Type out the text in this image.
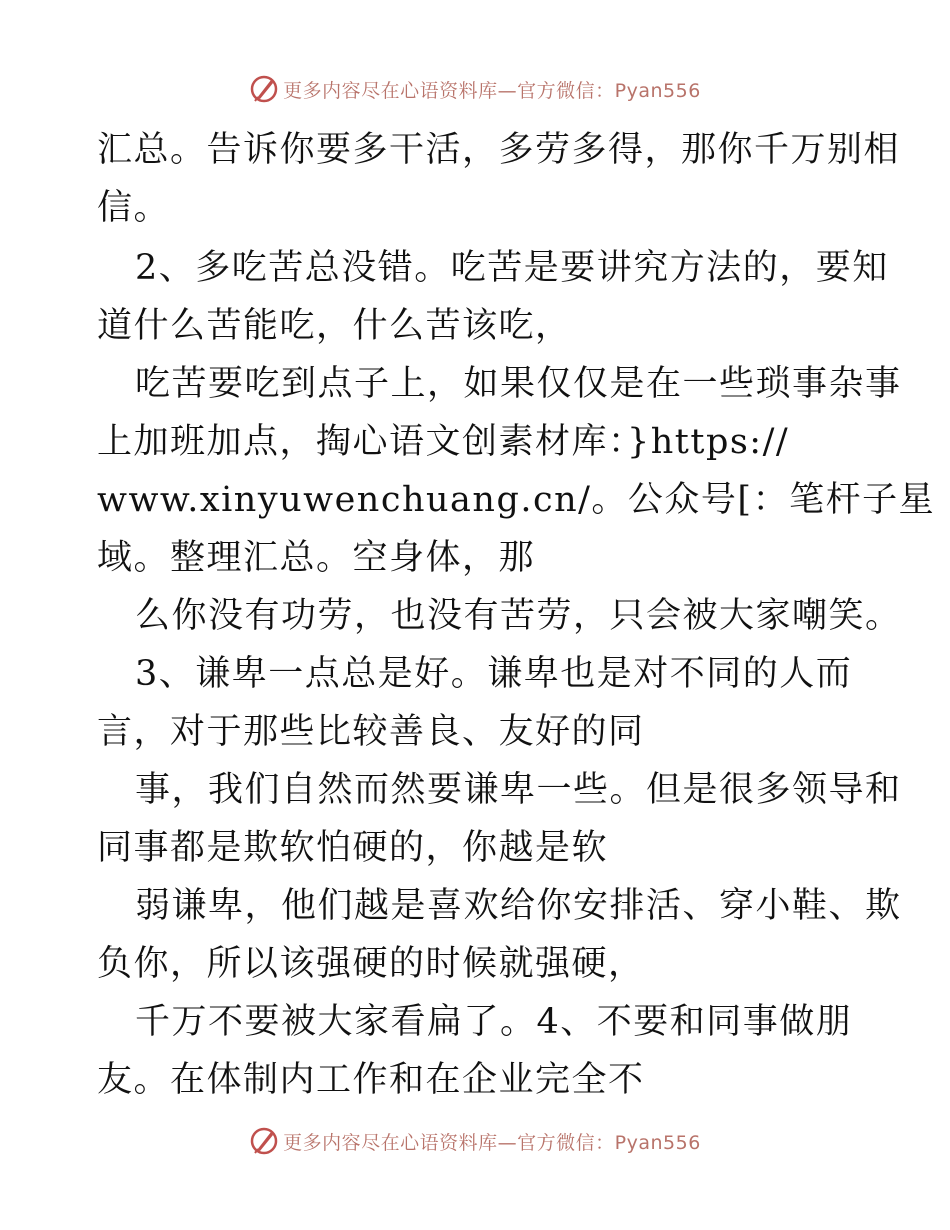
更多内容尽在心语资料库—官方微信：Pyan556
汇总。告诉你要多干活，多劳多得，那你千万别相
信。
2、多吃苦总没错。吃苦是要讲究方法的，要知
道什么苦能吃，什么苦该吃，
吃苦要吃到点子上，如果仅仅是在一些琐事杂事
上加班加点，掏心语文创素材库：}https://
www.xinyuwenchuang.cn/。公众号[：笔杆子星
域。整理汇总。空身体，那
么你没有功劳，也没有苦劳，只会被大家嘲笑。
3、谦卑一点总是好。谦卑也是对不同的人而
言，对于那些比较善良、友好的同
事，我们自然而然要谦卑一些。但是很多领导和
同事都是欺软怕硬的，你越是软
弱谦卑，他们越是喜欢给你安排活、穿小鞋、欺
负你，所以该强硬的时候就强硬，
千万不要被大家看扁了。4、不要和同事做朋
友。在体制内工作和在企业完全不
更多内容尽在心语资料库—官方微信：Pyan556
